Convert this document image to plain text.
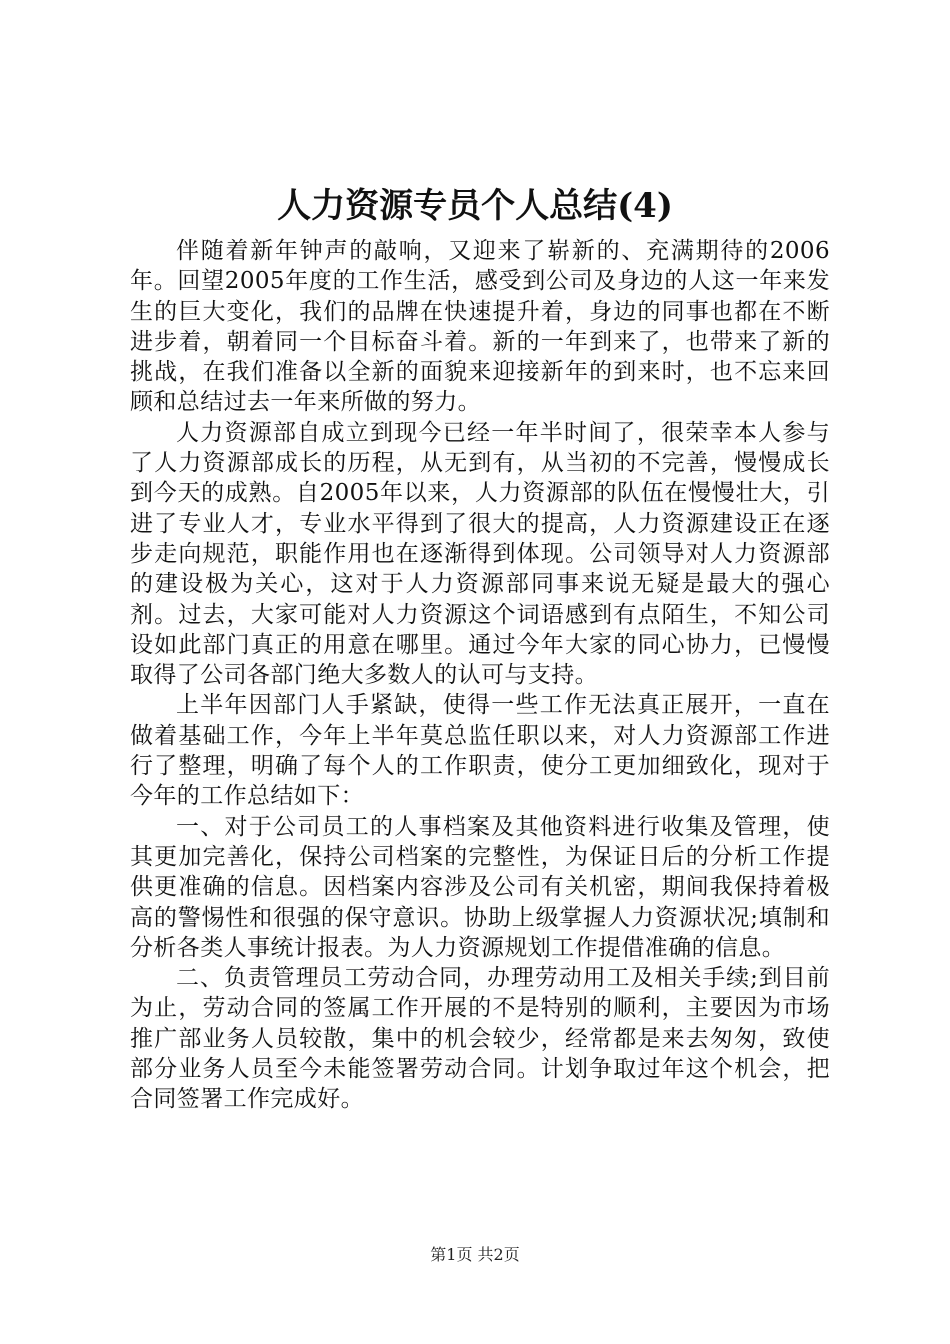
人力资源专员个人总结(4)

伴随着新年钟声的敲响，又迎来了崭新的、充满期待的2006年。回望2005年度的工作生活，感受到公司及身边的人这一年来发生的巨大变化，我们的品牌在快速提升着，身边的同事也都在不断进步着，朝着同一个目标奋斗着。新的一年到来了，也带来了新的挑战，在我们准备以全新的面貌来迎接新年的到来时，也不忘来回顾和总结过去一年来所做的努力。

人力资源部自成立到现今已经一年半时间了，很荣幸本人参与了人力资源部成长的历程，从无到有，从当初的不完善，慢慢成长到今天的成熟。自2005年以来，人力资源部的队伍在慢慢壮大，引进了专业人才，专业水平得到了很大的提高，人力资源建设正在逐步走向规范，职能作用也在逐渐得到体现。公司领导对人力资源部的建设极为关心，这对于人力资源部同事来说无疑是最大的强心剂。过去，大家可能对人力资源这个词语感到有点陌生，不知公司设如此部门真正的用意在哪里。通过今年大家的同心协力，已慢慢取得了公司各部门绝大多数人的认可与支持。

上半年因部门人手紧缺，使得一些工作无法真正展开，一直在做着基础工作，今年上半年莫总监任职以来，对人力资源部工作进行了整理，明确了每个人的工作职责，使分工更加细致化，现对于今年的工作总结如下：

一、对于公司员工的人事档案及其他资料进行收集及管理，使其更加完善化，保持公司档案的完整性，为保证日后的分析工作提供更准确的信息。因档案内容涉及公司有关机密，期间我保持着极高的警惕性和很强的保守意识。协助上级掌握人力资源状况;填制和分析各类人事统计报表。为人力资源规划工作提借准确的信息。

二、负责管理员工劳动合同，办理劳动用工及相关手续;到目前为止，劳动合同的签属工作开展的不是特别的顺利，主要因为市场推广部业务人员较散，集中的机会较少，经常都是来去匆匆，致使部分业务人员至今未能签署劳动合同。计划争取过年这个机会，把合同签署工作完成好。

第1页 共2页
